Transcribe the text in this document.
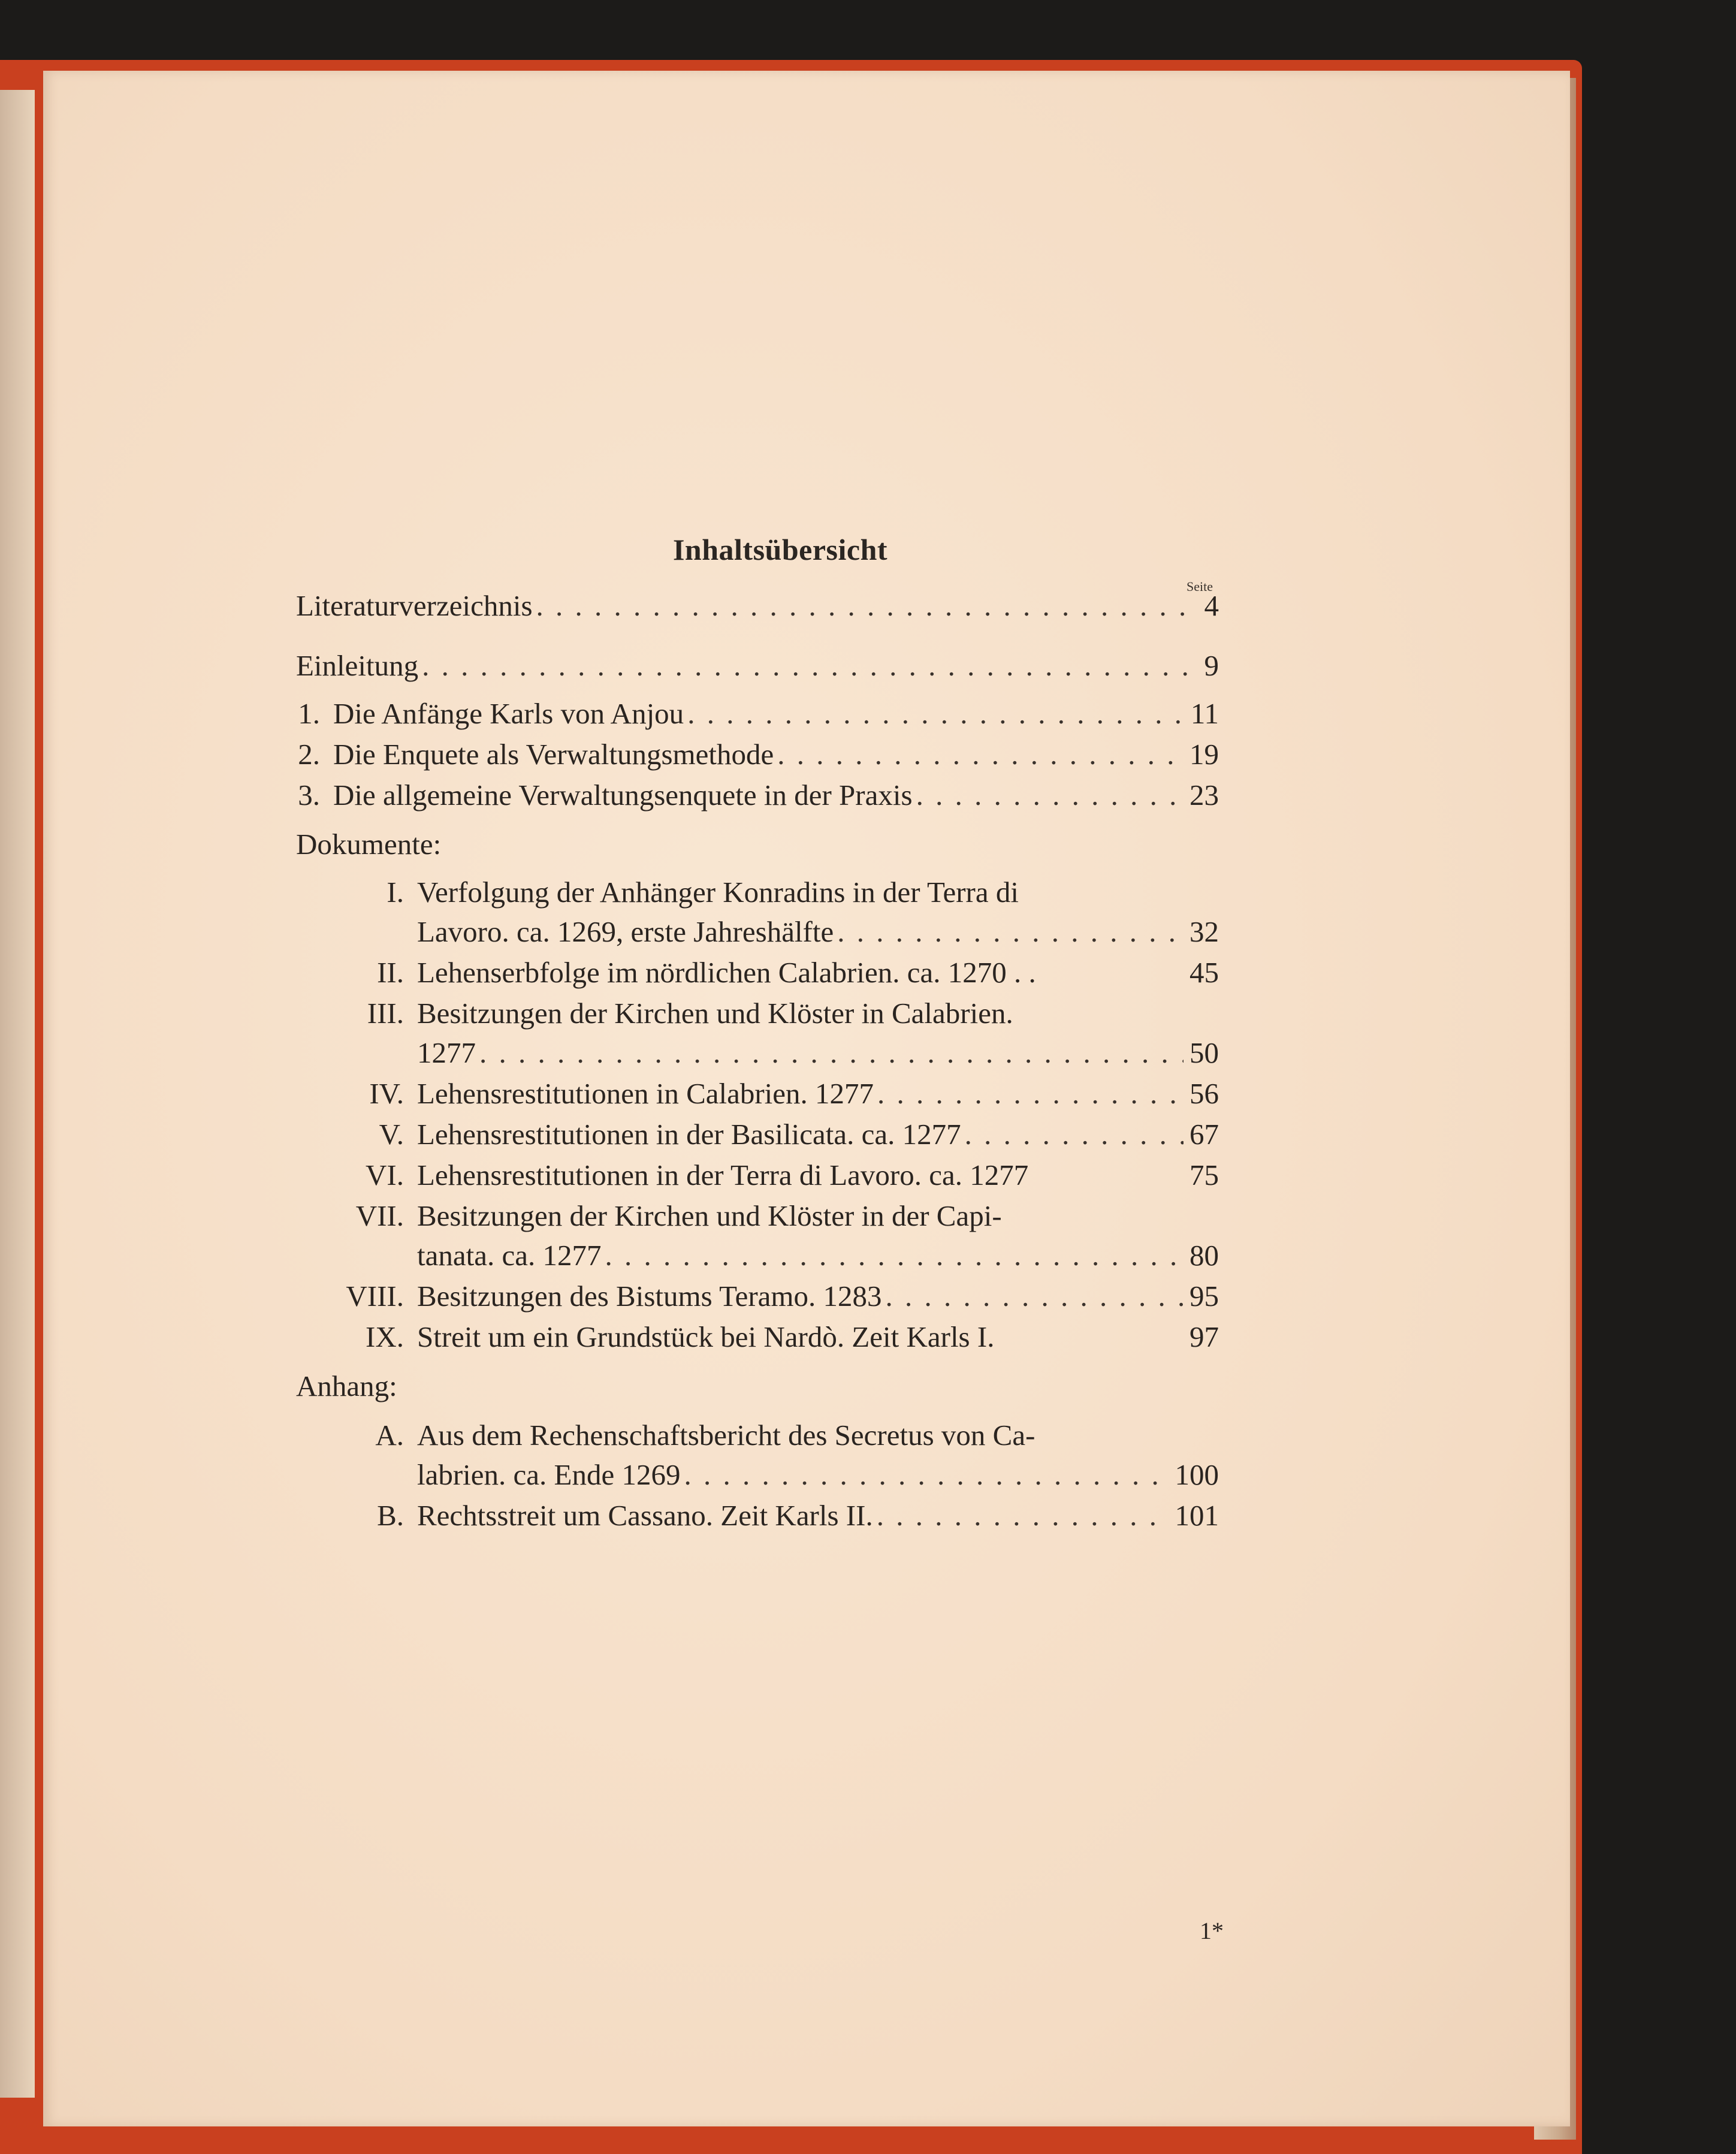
Inhaltsübersicht
Seite
Literaturverzeichnis . . .	4
Einleitung . . .	9
1. Die Anfänge Karls von Anjou . . .	11
2. Die Enquete als Verwaltungsmethode . . .	19
3. Die allgemeine Verwaltungsenquete in der Praxis . . .	23
Dokumente:
I. Verfolgung der Anhänger Konradins in der Terra di
Lavoro. ca. 1269, erste Jahreshälfte . . .	32
II. Lehenserbfolge im nördlichen Calabrien. ca. 1270 . .	45
III. Besitzungen der Kirchen und Klöster in Calabrien.
1277 . . .	50
IV. Lehensrestitutionen in Calabrien. 1277 . . .	56
V. Lehensrestitutionen in der Basilicata. ca. 1277 . . .	67
VI. Lehensrestitutionen in der Terra di Lavoro. ca. 1277	75
VII. Besitzungen der Kirchen und Klöster in der Capi-
tanata. ca. 1277 . . .	80
VIII. Besitzungen des Bistums Teramo. 1283 . . .	95
IX. Streit um ein Grundstück bei Nardò. Zeit Karls I.	97
Anhang:
A. Aus dem Rechenschaftsbericht des Secretus von Ca-
labrien. ca. Ende 1269 . . .	100
B. Rechtsstreit um Cassano. Zeit Karls II. . . .	101
1*
